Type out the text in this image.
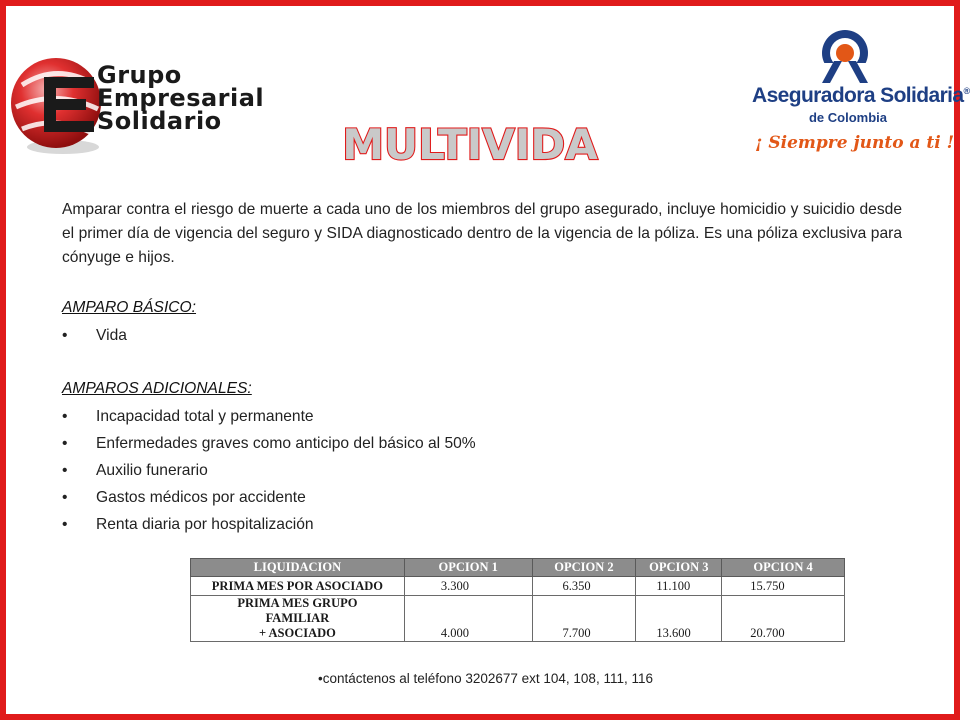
Grupo
Empresarial
Solidario
Aseguradora Solidaria®
de Colombia
¡ Siempre junto a ti !
MULTIVIDA
Amparar contra el riesgo de muerte a cada uno de los miembros del grupo asegurado, incluye homicidio y suicidio desde el primer día de vigencia del seguro y SIDA diagnosticado dentro de la vigencia de la póliza. Es una póliza exclusiva para cónyuge e hijos.
AMPARO BÁSICO:
• Vida
AMPAROS ADICIONALES:
• Incapacidad total y permanente
• Enfermedades graves como anticipo del básico al 50%
• Auxilio funerario
• Gastos médicos por accidente
• Renta diaria por hospitalización
LIQUIDACION	OPCION 1	OPCION 2	OPCION 3	OPCION 4
PRIMA MES POR ASOCIADO	3.300	6.350	11.100	15.750

PRIMA MES GRUPO
FAMILIAR
+ ASOCIADO	4.000	7.700	13.600	20.700
•contáctenos al teléfono 3202677 ext 104, 108, 111, 116
